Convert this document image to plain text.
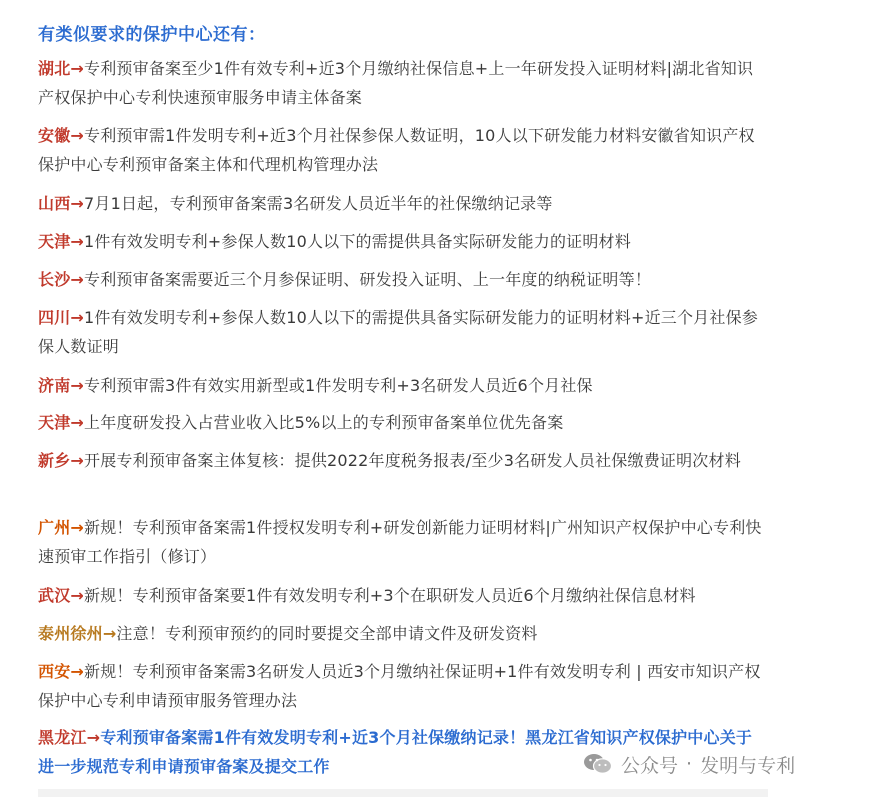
有类似要求的保护中心还有：
湖北→专利预审备案至少1件有效专利+近3个月缴纳社保信息+上一年研发投入证明材料|湖北省知识产权保护中心专利快速预审服务申请主体备案
安徽→专利预审需1件发明专利+近3个月社保参保人数证明，10人以下研发能力材料安徽省知识产权保护中心专利预审备案主体和代理机构管理办法
山西→7月1日起，专利预审备案需3名研发人员近半年的社保缴纳记录等
天津→1件有效发明专利+参保人数10人以下的需提供具备实际研发能力的证明材料
长沙→专利预审备案需要近三个月参保证明、研发投入证明、上一年度的纳税证明等！
四川→1件有效发明专利+参保人数10人以下的需提供具备实际研发能力的证明材料+近三个月社保参保人数证明
济南→专利预审需3件有效实用新型或1件发明专利+3名研发人员近6个月社保
天津→上年度研发投入占营业收入比5%以上的专利预审备案单位优先备案
新乡→开展专利预审备案主体复核：提供2022年度税务报表/至少3名研发人员社保缴费证明次材料
广州→新规！专利预审备案需1件授权发明专利+研发创新能力证明材料|广州知识产权保护中心专利快速预审工作指引（修订）
武汉→新规！专利预审备案要1件有效发明专利+3个在职研发人员近6个月缴纳社保信息材料
泰州徐州→注意！专利预审预约的同时要提交全部申请文件及研发资料
西安→新规！专利预审备案需3名研发人员近3个月缴纳社保证明+1件有效发明专利 | 西安市知识产权保护中心专利申请预审服务管理办法
黑龙江→专利预审备案需1件有效发明专利+近3个月社保缴纳记录！黑龙江省知识产权保护中心关于进一步规范专利申请预审备案及提交工作	公众号 · 发明与专利
